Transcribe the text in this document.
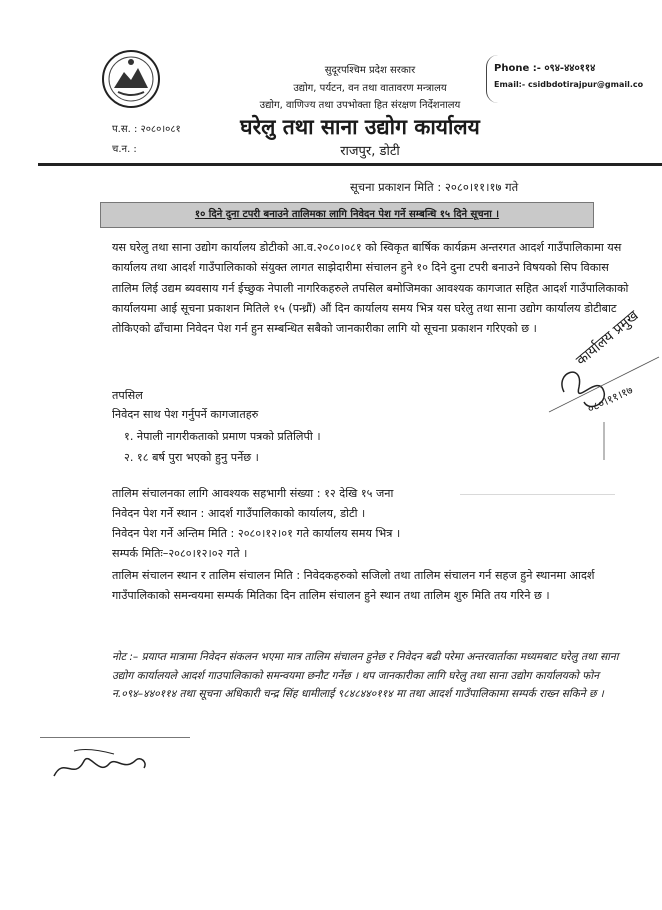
सुदूरपश्चिम प्रदेश सरकार
उद्योग, पर्यटन, वन तथा वातावरण मन्त्रालय
उद्योग, वाणिज्य तथा उपभोक्ता हित संरक्षण निर्देशनालय
घरेलु तथा साना उद्योग कार्यालय
राजपुर, डोटी
Phone :- ०९४-४४०११४
Email:- csidbdotirajpur@gmail.co
प.स. : २०८०।०८१
च.न. :
सूचना प्रकाशन मिति : २०८०।११।१७ गते
१० दिने दुना टपरी बनाउने तालिमका लागि निवेदन पेश गर्ने सम्बन्धि १५ दिने सूचना ।
यस घरेलु तथा साना उद्योग कार्यालय डोटीको आ.व.२०८०।०८१ को स्विकृत बार्षिक कार्यक्रम अन्तरगत आदर्श गाउँपालिकामा यस कार्यालय तथा आदर्श गाउँपालिकाको संयुक्त लागत साझेदारीमा संचालन हुने १० दिने दुना टपरी बनाउने विषयको सिप विकास तालिम लिई उद्यम ब्यवसाय गर्न ईच्छुक नेपाली नागरिकहरुले तपसिल बमोजिमका आवश्यक कागजात सहित आदर्श गाउँपालिकाको कार्यालयमा आई सूचना प्रकाशन मितिले १५ (पन्ध्रौं) औं दिन कार्यालय समय भित्र यस घरेलु तथा साना उद्योग कार्यालय डोटीबाट तोकिएको ढाँचामा निवेदन पेश गर्न हुन सम्बन्धित सबैको जानकारीका लागि यो सूचना प्रकाशन गरिएको छ ।
तपसिल
निवेदन साथ पेश गर्नुपर्ने कागजातहरु
१. नेपाली नागरीकताको प्रमाण पत्रको प्रतिलिपी ।
२. १८ बर्ष पुरा भएको हुनु पर्नेछ ।
तालिम संचालनका लागि आवश्यक सहभागी संख्या : १२ देखि १५ जना
निवेदन पेश गर्ने स्थान : आदर्श गाउँपालिकाको कार्यालय, डोटी ।
निवेदन पेश गर्ने अन्तिम मिति : २०८०।१२।०१ गते कार्यालय समय भित्र ।
सम्पर्क मितिः–२०८०।१२।०२ गते ।
तालिम संचालन स्थान र तालिम संचालन मिति : निवेदकहरुको सजिलो तथा तालिम संचालन गर्न सहज हुने स्थानमा आदर्श गाउँपालिकाको समन्वयमा सम्पर्क मितिका दिन तालिम संचालन हुने स्थान तथा तालिम शुरु मिति तय गरिने छ ।
नोट :– प्रयाप्त मात्रामा निवेदन संकलन भएमा मात्र तालिम संचालन हुनेछ र निवेदन बढी परेमा अन्तरवार्ताका मध्यमबाट घरेलु तथा साना उद्योग कार्यालयले आदर्श गाउपालिकाको समन्वयमा छनौट गर्नेछ । थप जानकारीका लागि घरेलु तथा साना उद्योग कार्यालयको फोन न.०९४–४४०११४ तथा सूचना अधिकारी चन्द्र सिंह धामीलाई ९८४८४४०११४ मा तथा आदर्श गाउँपालिकामा सम्पर्क राख्न सकिने छ ।
कार्यालय प्रमुख
०८०।११।१७
